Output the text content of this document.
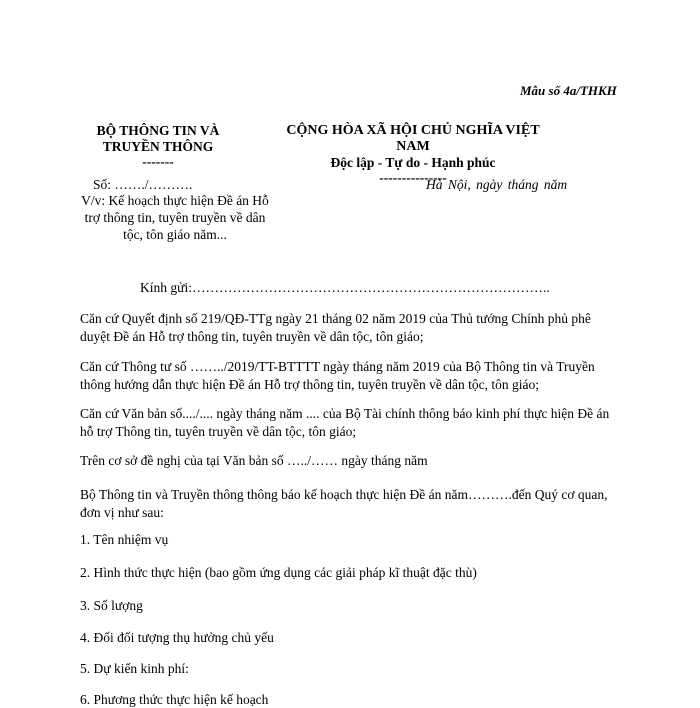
Mẫu số 4a/THKH
BỘ THÔNG TIN VÀ
TRUYỀN THÔNG
-------
CỘNG HÒA XÃ HỘI CHỦ NGHĨA VIỆT NAM
Độc lập - Tự do - Hạnh phúc
---------------
Số: ……./……….
V/v: Kế hoạch thực hiện Đề án Hỗ trợ thông tin, tuyên truyền về dân tộc, tôn giáo năm...
Hà Nội, ngày tháng năm
Kính gửi:……………………………………………………………………..
Căn cứ Quyết định số 219/QĐ-TTg ngày 21 tháng 02 năm 2019 của Thủ tướng Chính phủ phê duyệt Đề án Hỗ trợ thông tin, tuyên truyền về dân tộc, tôn giáo;
Căn cứ Thông tư số ……../2019/TT-BTTTT ngày tháng năm 2019 của Bộ Thông tin và Truyền thông hướng dẫn thực hiện Đề án Hỗ trợ thông tin, tuyên truyền về dân tộc, tôn giáo;
Căn cứ Văn bản số..../.... ngày tháng năm .... của Bộ Tài chính thông báo kinh phí thực hiện Đề án hỗ trợ Thông tin, tuyên truyền về dân tộc, tôn giáo;
Trên cơ sở đề nghị của tại Văn bản số …../…… ngày tháng năm
Bộ Thông tin và Truyền thông thông báo kế hoạch thực hiện Đề án năm……….đến Quý cơ quan, đơn vị như sau:
1. Tên nhiệm vụ
2. Hình thức thực hiện (bao gồm ứng dụng các giải pháp kĩ thuật đặc thù)
3. Số lượng
4. Đối đối tượng thụ hưởng chủ yếu
5. Dự kiến kinh phí:
6. Phương thức thực hiện kế hoạch
